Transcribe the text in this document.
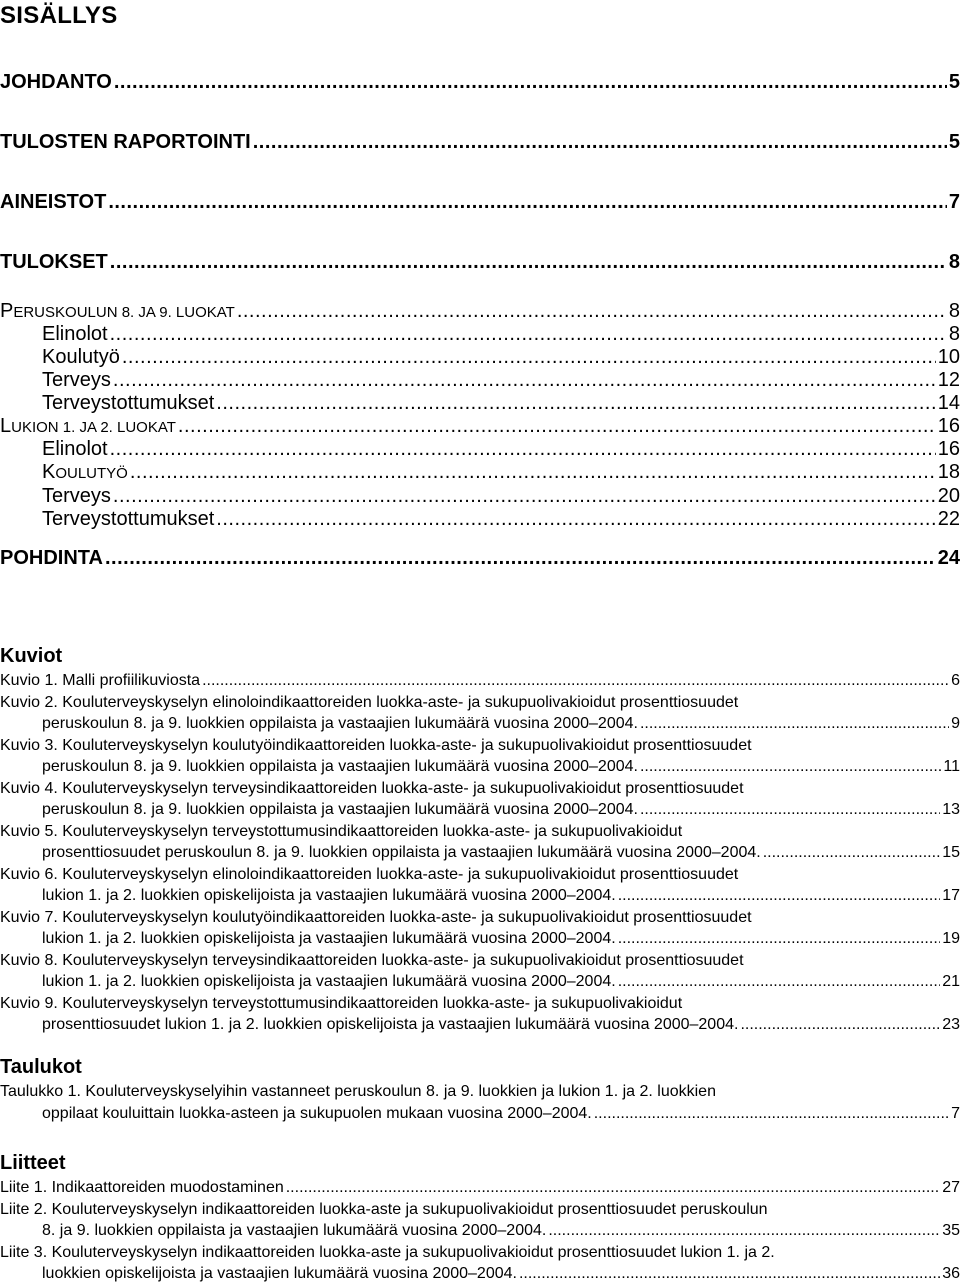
SISÄLLYS
JOHDANTO .....	5
TULOSTEN RAPORTOINTI .....	5
AINEISTOT .....	7
TULOKSET .....	8
PERUSKOULUN 8. JA 9. LUOKAT .....	8
Elinolot .....	8
Koulutyö .....	10
Terveys .....	12
Terveystottumukset .....	14
LUKION 1. JA 2. LUOKAT .....	16
Elinolot .....	16
KOULUTYÖ .....	18
Terveys .....	20
Terveystottumukset .....	22
POHDINTA .....	24
Kuviot
Kuvio 1. Malli profiilikuviosta .....	6
Kuvio 2. Kouluterveyskyselyn elinoloindikaattoreiden luokka-aste- ja sukupuolivakioidut prosenttiosuudet
peruskoulun 8. ja 9. luokkien oppilaista ja vastaajien lukumäärä vuosina 2000–2004. .....	9
Kuvio 3. Kouluterveyskyselyn koulutyöindikaattoreiden luokka-aste- ja sukupuolivakioidut prosenttiosuudet
peruskoulun 8. ja 9. luokkien oppilaista ja vastaajien lukumäärä vuosina 2000–2004. .....	11
Kuvio 4. Kouluterveyskyselyn terveysindikaattoreiden luokka-aste- ja sukupuolivakioidut prosenttiosuudet
peruskoulun 8. ja 9. luokkien oppilaista ja vastaajien lukumäärä vuosina 2000–2004. .....	13
Kuvio 5. Kouluterveyskyselyn terveystottumusindikaattoreiden luokka-aste- ja sukupuolivakioidut
prosenttiosuudet peruskoulun 8. ja 9. luokkien oppilaista ja vastaajien lukumäärä vuosina 2000–2004. .....	15
Kuvio 6. Kouluterveyskyselyn elinoloindikaattoreiden luokka-aste- ja sukupuolivakioidut prosenttiosuudet
lukion 1. ja 2. luokkien opiskelijoista ja vastaajien lukumäärä vuosina 2000–2004. .....	17
Kuvio 7. Kouluterveyskyselyn koulutyöindikaattoreiden luokka-aste- ja sukupuolivakioidut prosenttiosuudet
lukion 1. ja 2. luokkien opiskelijoista ja vastaajien lukumäärä vuosina 2000–2004. .....	19
Kuvio 8. Kouluterveyskyselyn terveysindikaattoreiden luokka-aste- ja sukupuolivakioidut prosenttiosuudet
lukion 1. ja 2. luokkien opiskelijoista ja vastaajien lukumäärä vuosina 2000–2004. .....	21
Kuvio 9. Kouluterveyskyselyn terveystottumusindikaattoreiden luokka-aste- ja sukupuolivakioidut
prosenttiosuudet lukion 1. ja 2. luokkien opiskelijoista ja vastaajien lukumäärä vuosina 2000–2004. .....	23
Taulukot
Taulukko 1. Kouluterveyskyselyihin vastanneet peruskoulun 8. ja 9. luokkien ja lukion 1. ja 2. luokkien
oppilaat kouluittain luokka-asteen ja sukupuolen mukaan vuosina 2000–2004. .....	7
Liitteet
Liite 1. Indikaattoreiden muodostaminen .....	27
Liite 2. Kouluterveyskyselyn indikaattoreiden luokka-aste ja sukupuolivakioidut prosenttiosuudet peruskoulun
8. ja 9. luokkien oppilaista ja vastaajien lukumäärä vuosina 2000–2004. .....	35
Liite 3. Kouluterveyskyselyn indikaattoreiden luokka-aste ja sukupuolivakioidut prosenttiosuudet lukion 1. ja 2.
luokkien opiskelijoista ja vastaajien lukumäärä vuosina 2000–2004. .....	36
